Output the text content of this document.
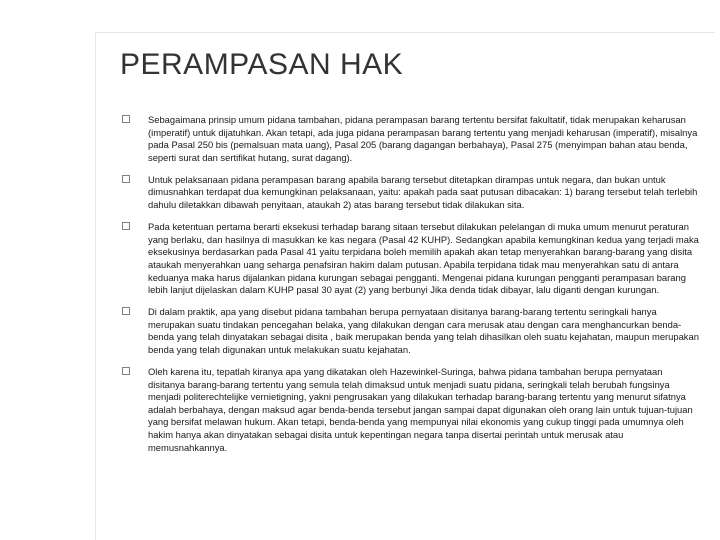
PERAMPASAN HAK
Sebagaimana prinsip umum pidana tambahan, pidana perampasan barang tertentu bersifat fakultatif, tidak merupakan keharusan (imperatif) untuk dijatuhkan. Akan tetapi, ada juga pidana perampasan barang tertentu yang menjadi keharusan (imperatif), misalnya pada Pasal 250 bis (pemalsuan mata uang), Pasal 205 (barang dagangan berbahaya), Pasal 275 (menyimpan bahan atau benda, seperti surat dan sertifikat hutang, surat dagang).
Untuk pelaksanaan pidana perampasan barang apabila barang tersebut ditetapkan dirampas untuk negara, dan bukan untuk dimusnahkan terdapat dua kemungkinan pelaksanaan, yaitu: apakah pada saat putusan dibacakan: 1) barang tersebut telah terlebih dahulu diletakkan dibawah penyitaan, ataukah 2) atas barang tersebut tidak dilakukan sita.
Pada ketentuan pertama berarti eksekusi terhadap barang sitaan tersebut dilakukan pelelangan di muka umum menurut peraturan yang berlaku, dan hasilnya di masukkan ke kas negara (Pasal 42 KUHP). Sedangkan apabila kemungkinan kedua yang terjadi maka eksekusinya berdasarkan pada Pasal 41 yaitu terpidana boleh memilih apakah akan tetap menyerahkan barang-barang yang disita ataukah menyerahkan uang seharga penafsiran hakim dalam putusan. Apabila terpidana tidak mau menyerahkan satu di antara keduanya maka harus dijalankan pidana kurungan sebagai pengganti. Mengenai pidana kurungan pengganti perampasan barang lebih lanjut dijelaskan dalam KUHP pasal 30 ayat (2) yang berbunyi Jika denda tidak dibayar, lalu diganti dengan kurungan.
Di dalam praktik, apa yang disebut pidana tambahan berupa pernyataan disitanya barang-barang tertentu seringkali hanya merupakan suatu tindakan pencegahan belaka, yang dilakukan dengan cara merusak atau dengan cara menghancurkan benda-benda yang telah dinyatakan sebagai disita , baik merupakan benda yang telah dihasilkan oleh suatu kejahatan, maupun merupakan benda yang telah digunakan untuk melakukan suatu kejahatan.
Oleh karena itu, tepatlah kiranya apa yang dikatakan oleh Hazewinkel-Suringa, bahwa pidana tambahan berupa pernyataan disitanya barang-barang tertentu yang semula telah dimaksud untuk menjadi suatu pidana, seringkali telah berubah fungsinya menjadi politerechtelijke vernietigning, yakni pengrusakan yang dilakukan terhadap barang-barang tertentu yang menurut sifatnya adalah berbahaya, dengan maksud agar benda-benda tersebut jangan sampai dapat digunakan oleh orang lain untuk tujuan-tujuan yang bersifat melawan hukum. Akan tetapi, benda-benda yang mempunyai nilai ekonomis yang cukup tinggi pada umumnya oleh hakim hanya akan dinyatakan sebagai disita untuk kepentingan negara tanpa disertai perintah untuk merusak atau memusnahkannya.
